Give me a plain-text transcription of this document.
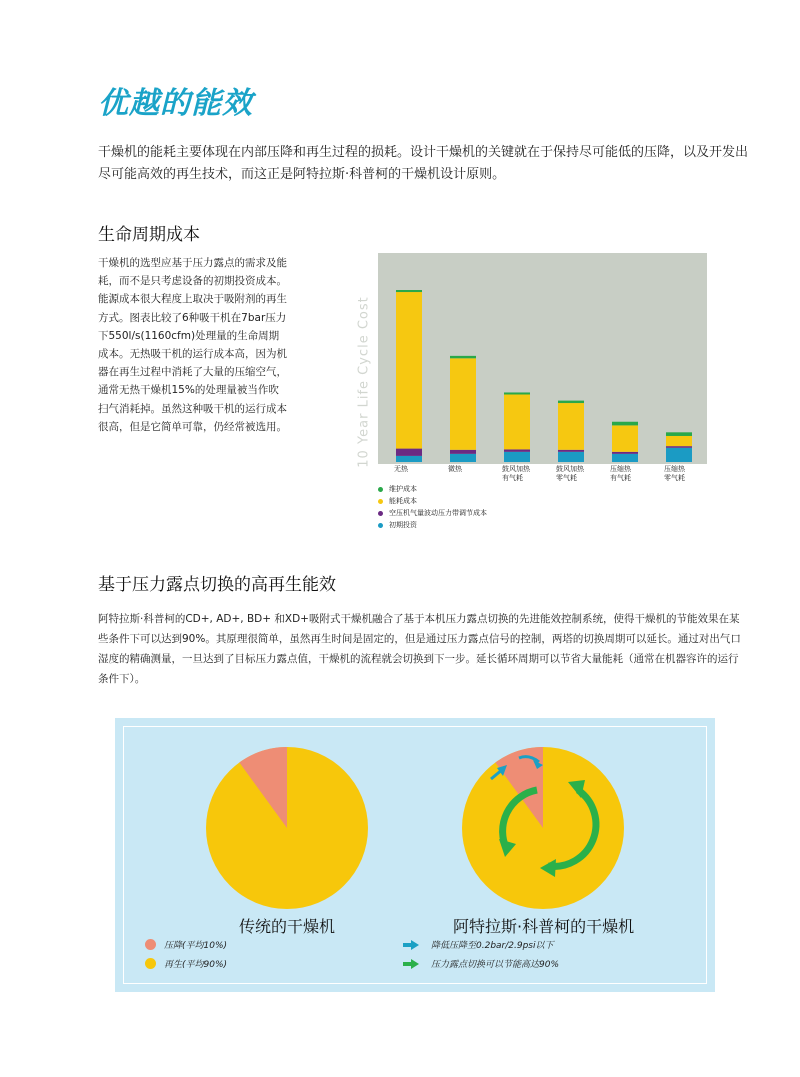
优越的能效
干燥机的能耗主要体现在内部压降和再生过程的损耗。设计干燥机的关键就在于保持尽可能低的压降，以及开发出尽可能高效的再生技术，而这正是阿特拉斯·科普柯的干燥机设计原则。
生命周期成本
干燥机的选型应基于压力露点的需求及能耗，而不是只考虑设备的初期投资成本。能源成本很大程度上取决于吸附剂的再生方式。图表比较了6种吸干机在7bar压力下550l/s(1160cfm)处理量的生命周期成本。无热吸干机的运行成本高，因为机器在再生过程中消耗了大量的压缩空气，通常无热干燥机15%的处理量被当作吹扫气消耗掉。虽然这种吸干机的运行成本很高，但是它简单可靠，仍经常被选用。	10 Year Life Cycle Cost
无热	微热	鼓风加热
有气耗
鼓风加热
零气耗
压缩热
有气耗
压缩热
零气耗
维护成本
能耗成本
空压机气量波动压力带调节成本
初期投资
基于压力露点切换的高再生能效
阿特拉斯·科普柯的CD+, AD+, BD+ 和XD+吸附式干燥机融合了基于本机压力露点切换的先进能效控制系统，使得干燥机的节能效果在某些条件下可以达到90%。其原理很简单，虽然再生时间是固定的，但是通过压力露点信号的控制，两塔的切换周期可以延长。通过对出气口湿度的精确测量，一旦达到了目标压力露点值，干燥机的流程就会切换到下一步。延长循环周期可以节省大量能耗（通常在机器容许的运行条件下）。
传统的干燥机	阿特拉斯·科普柯的干燥机
压降(平均10%)
再生(平均90%)
降低压降至0.2bar/2.9psi以下
压力露点切换可以节能高达90%
